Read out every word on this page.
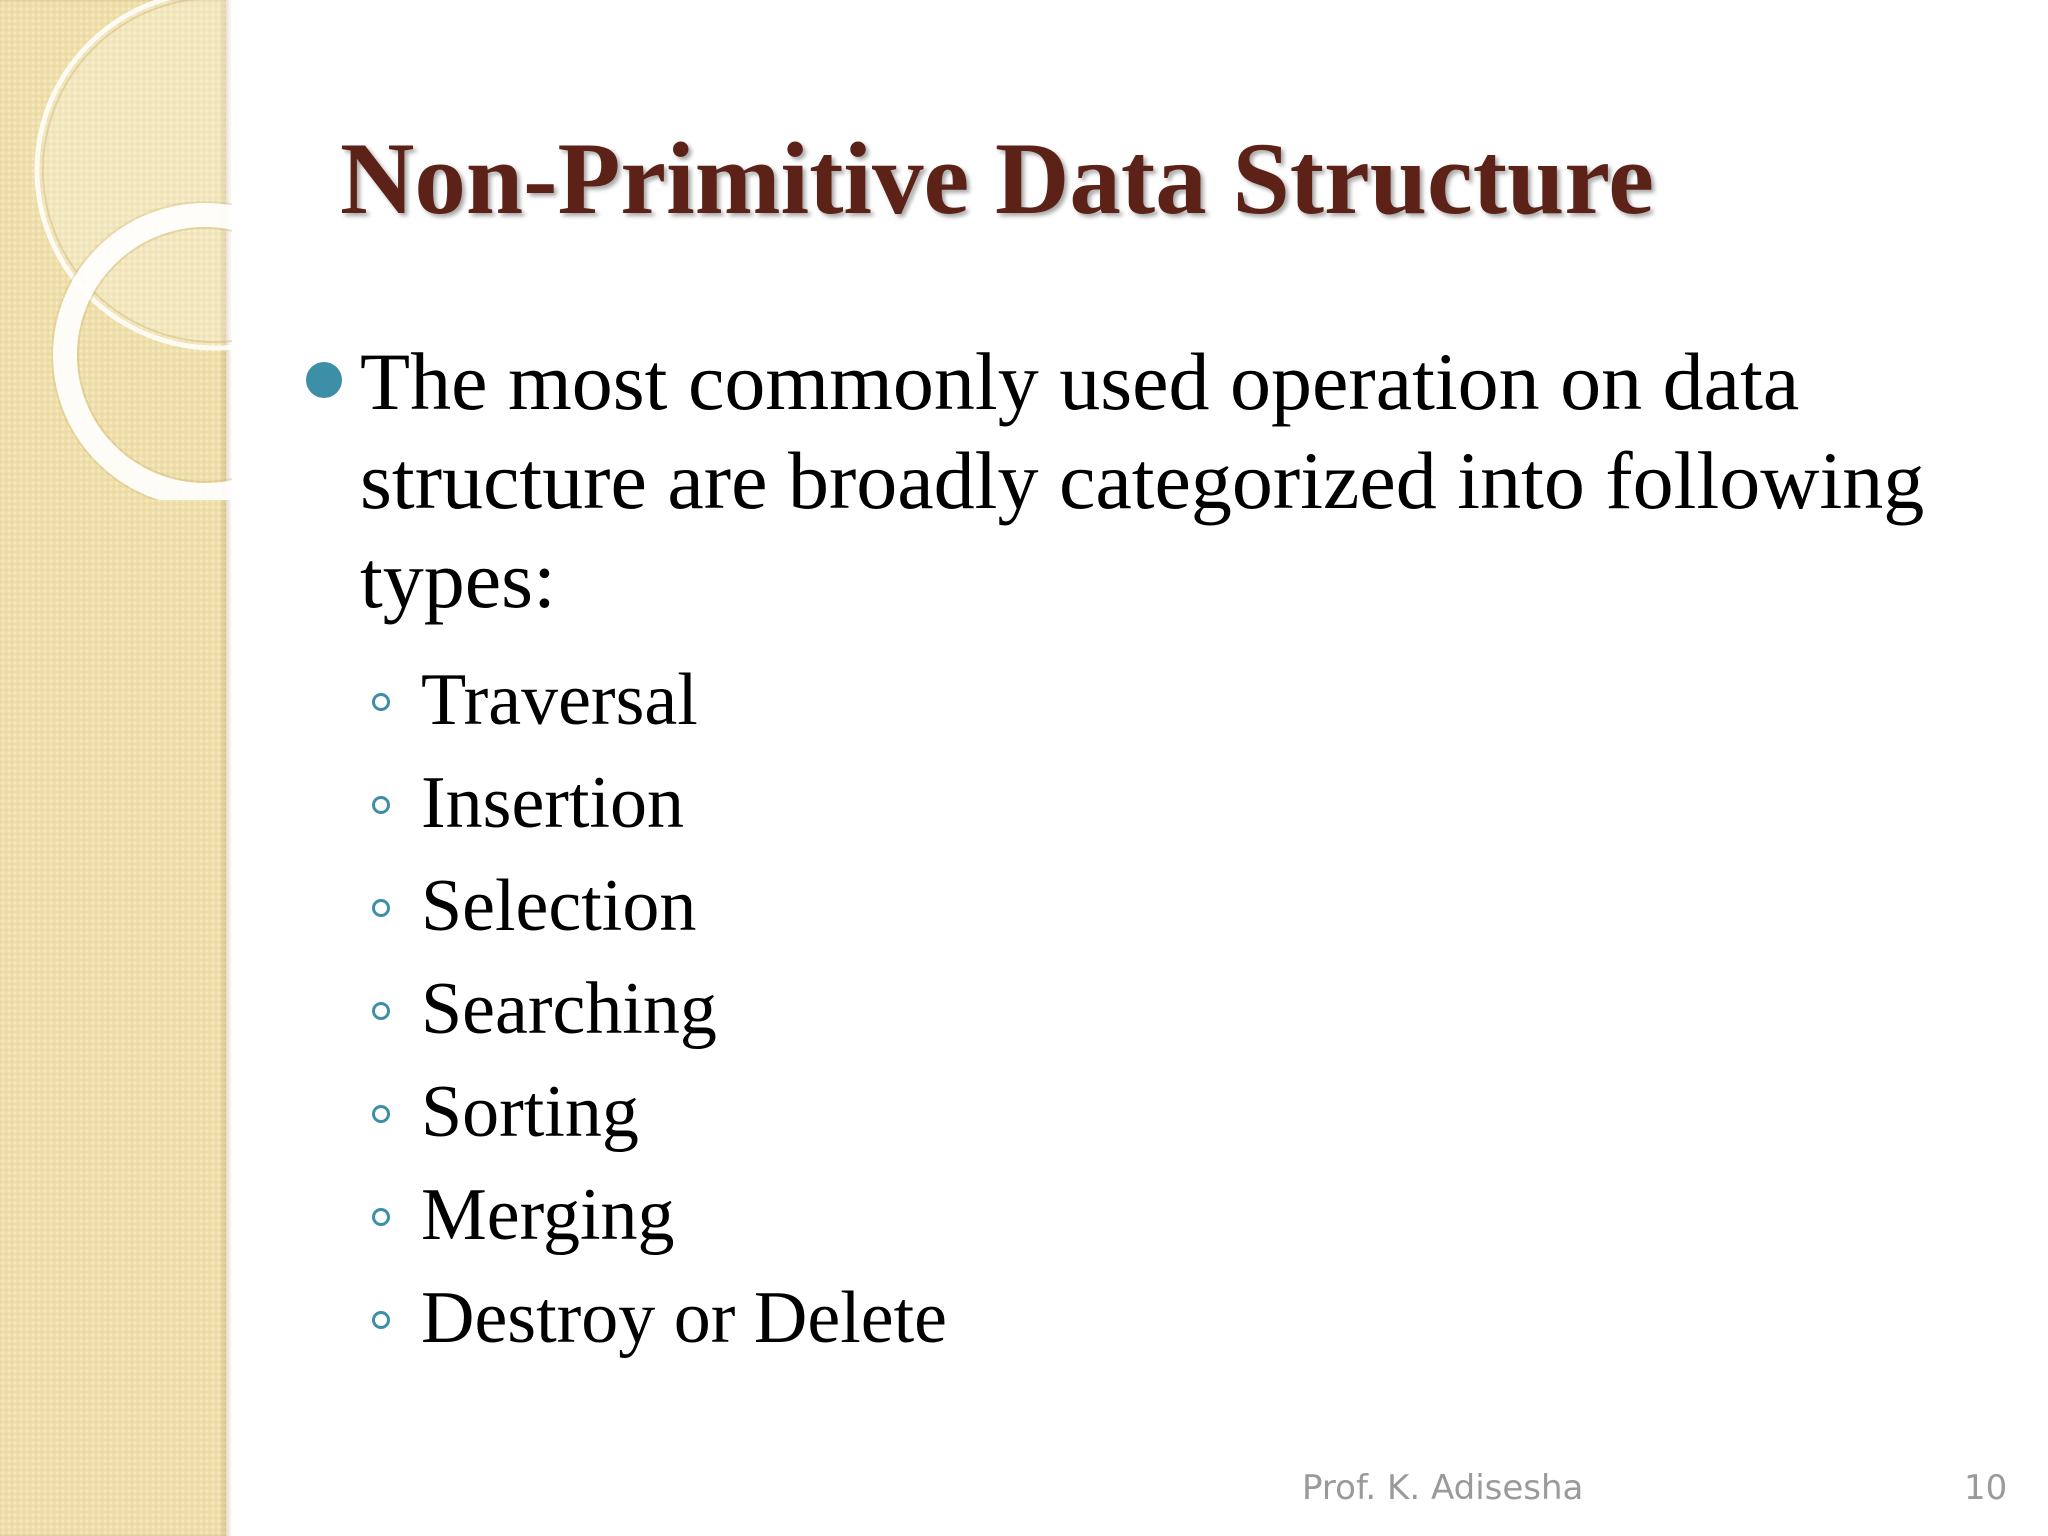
Non-Primitive Data Structure
The most commonly used operation on data structure are broadly categorized into following types:
Traversal
Insertion
Selection
Searching
Sorting
Merging
Destroy or Delete
Prof. K. Adisesha	10
